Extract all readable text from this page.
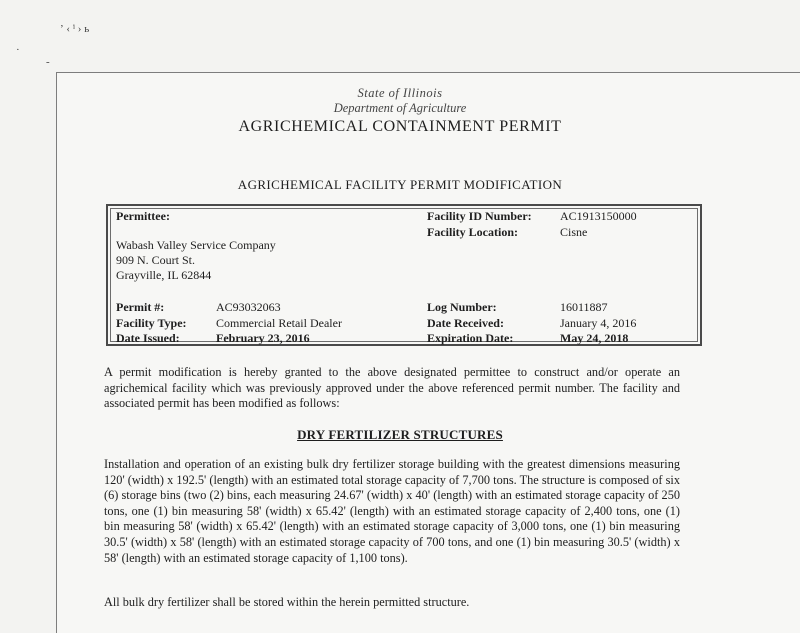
ʼ ‹ ⁱ › ь
·
-
State of Illinois
Department of Agriculture
AGRICHEMICAL CONTAINMENT PERMIT
AGRICHEMICAL FACILITY PERMIT MODIFICATION
Permittee:
Wabash Valley Service Company
909 N. Court St.
Grayville, IL 62844
Facility ID Number: AC1913150000
Facility Location:	Cisne
Permit #:	AC93032063
Facility Type: Commercial Retail Dealer
Date Issued:	February 23, 2016
Log Number:	16011887
Date Received:	January 4, 2016
Expiration Date:	May 24, 2018

A permit modification is hereby granted to the above designated permittee to construct and/or operate an agrichemical facility which was previously approved under the above referenced permit number. The facility and associated permit has been modified as follows:

DRY FERTILIZER STRUCTURES

Installation and operation of an existing bulk dry fertilizer storage building with the greatest dimensions measuring 120' (width) x 192.5' (length) with an estimated total storage capacity of 7,700 tons. The structure is composed of six (6) storage bins (two (2) bins, each measuring 24.67' (width) x 40' (length) with an estimated storage capacity of 250 tons, one (1) bin measuring 58' (width) x 65.42' (length) with an estimated storage capacity of 2,400 tons, one (1) bin measuring 58' (width) x 65.42' (length) with an estimated storage capacity of 3,000 tons, one (1) bin measuring 30.5' (width) x 58' (length) with an estimated storage capacity of 700 tons, and one (1) bin measuring 30.5' (width) x 58' (length) with an estimated storage capacity of 1,100 tons).

All bulk dry fertilizer shall be stored within the herein permitted structure.
